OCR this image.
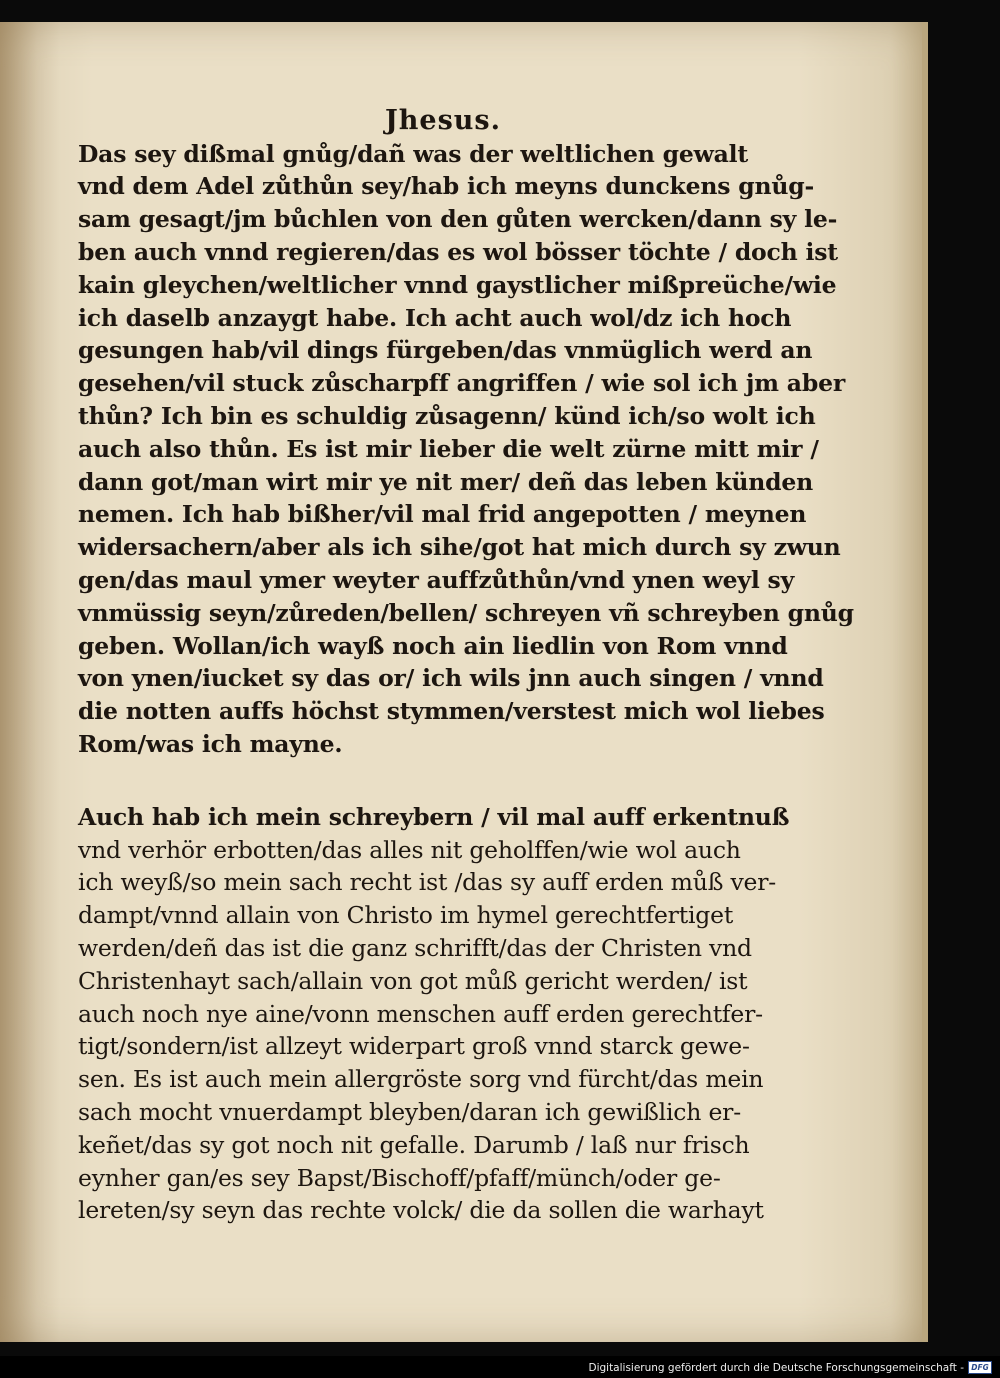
Jhesus.
Das sey dißmal gnůg/dañ was der weltlichen gewalt
vnd dem Adel zůthůn sey/hab ich meyns dunckens gnůg-
sam gesagt/jm bůchlen von den gůten wercken/dann sy le-
ben auch vnnd regieren/das es wol bösser töchte / doch ist
kain gleychen/weltlicher vnnd gaystlicher mißpreüche/wie
ich daselb anzaygt habe. Ich acht auch wol/dz ich hoch
gesungen hab/vil dings fürgeben/das vnmüglich werd an
gesehen/vil stuck zůscharpff angriffen / wie sol ich jm aber
thůn? Ich bin es schuldig zůsagenn/ künd ich/so wolt ich
auch also thůn. Es ist mir lieber die welt zürne mitt mir /
dann got/man wirt mir ye nit mer/ deñ das leben künden
nemen. Ich hab bißher/vil mal frid angepotten / meynen
widersachern/aber als ich sihe/got hat mich durch sy zwun
gen/das maul ymer weyter auffzůthůn/vnd ynen weyl sy
vnmüssig seyn/zůreden/bellen/ schreyen vñ schreyben gnůg
geben. Wollan/ich wayß noch ain liedlin von Rom vnnd
von ynen/iucket sy das or/ ich wils jnn auch singen / vnnd
die notten auffs höchst stymmen/verstest mich wol liebes
Rom/was ich mayne.
Auch hab ich mein schreybern / vil mal auff erkentnuß
vnd verhör erbotten/das alles nit geholffen/wie wol auch
ich weyß/so mein sach recht ist /das sy auff erden můß ver-
dampt/vnnd allain von Christo im hymel gerechtfertiget
werden/deñ das ist die ganz schrifft/das der Christen vnd
Christenhayt sach/allain von got můß gericht werden/ ist
auch noch nye aine/vonn menschen auff erden gerechtfer-
tigt/sondern/ist allzeyt widerpart groß vnnd starck gewe-
sen. Es ist auch mein allergröste sorg vnd fürcht/das mein
sach mocht vnuerdampt bleyben/daran ich gewißlich er-
keñet/das sy got noch nit gefalle. Darumb / laß nur frisch
eynher gan/es sey Bapst/Bischoff/pfaff/münch/oder ge-
lereten/sy seyn das rechte volck/ die da sollen die warhayt
Digitalisierung gefördert durch die Deutsche Forschungsgemeinschaft - DFG
